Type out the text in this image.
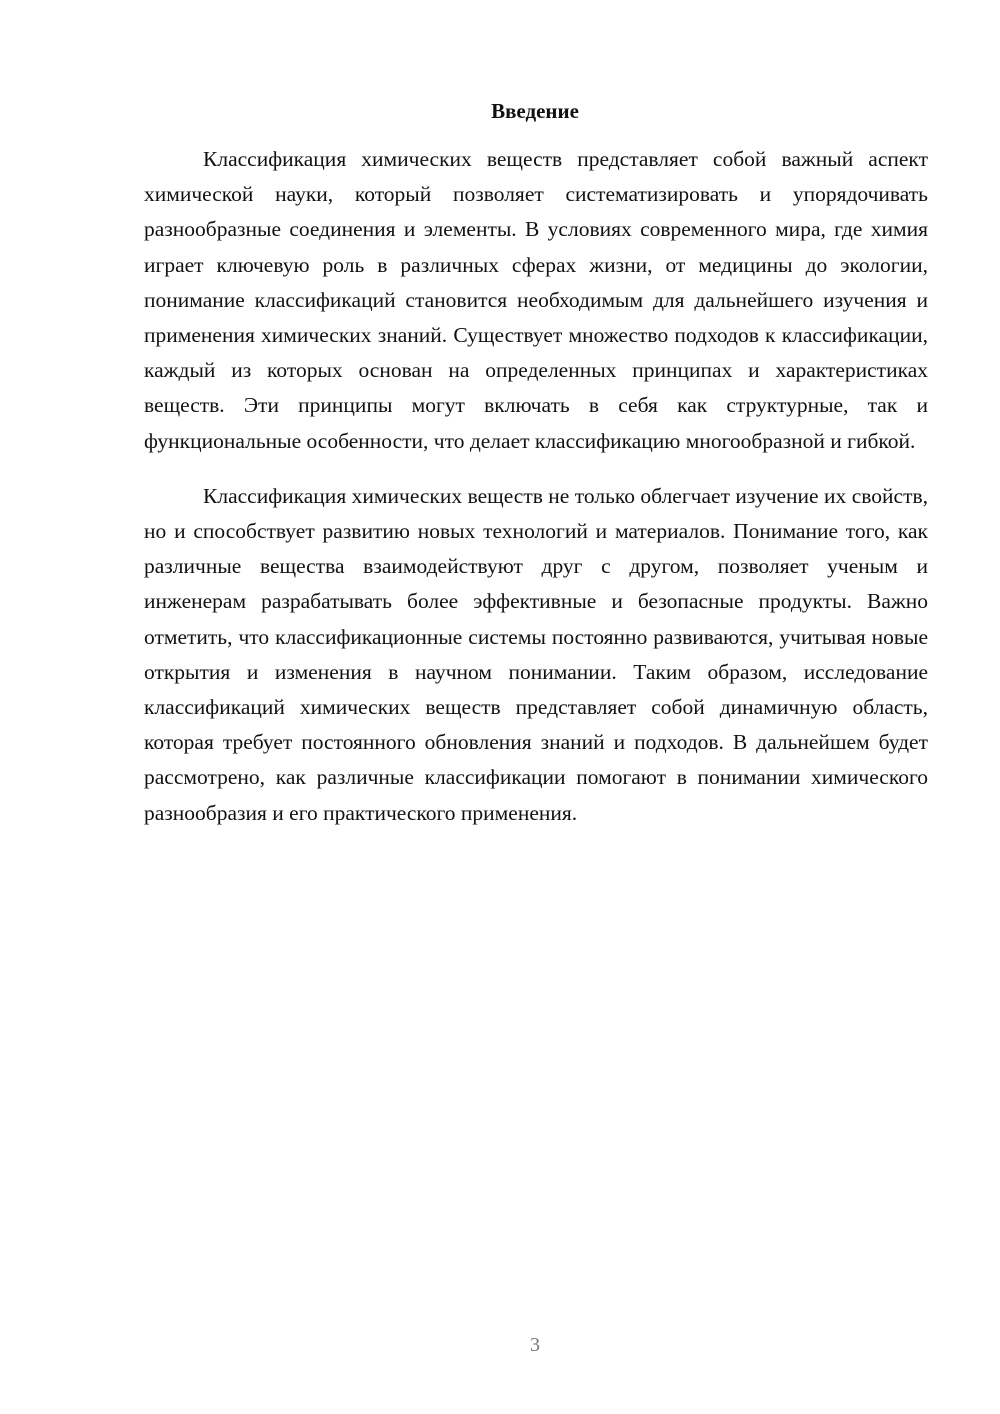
Введение

Классификация химических веществ представляет собой важный аспект химической науки, который позволяет систематизировать и упорядочивать разнообразные соединения и элементы. В условиях современного мира, где химия играет ключевую роль в различных сферах жизни, от медицины до экологии, понимание классификаций становится необходимым для дальнейшего изучения и применения химических знаний. Существует множество подходов к классификации, каждый из которых основан на определенных принципах и характеристиках веществ. Эти принципы могут включать в себя как структурные, так и функциональные особенности, что делает классификацию многообразной и гибкой.

Классификация химических веществ не только облегчает изучение их свойств, но и способствует развитию новых технологий и материалов. Понимание того, как различные вещества взаимодействуют друг с другом, позволяет ученым и инженерам разрабатывать более эффективные и безопасные продукты. Важно отметить, что классификационные системы постоянно развиваются, учитывая новые открытия и изменения в научном понимании. Таким образом, исследование классификаций химических веществ представляет собой динамичную область, которая требует постоянного обновления знаний и подходов. В дальнейшем будет рассмотрено, как различные классификации помогают в понимании химического разнообразия и его практического применения.

3
